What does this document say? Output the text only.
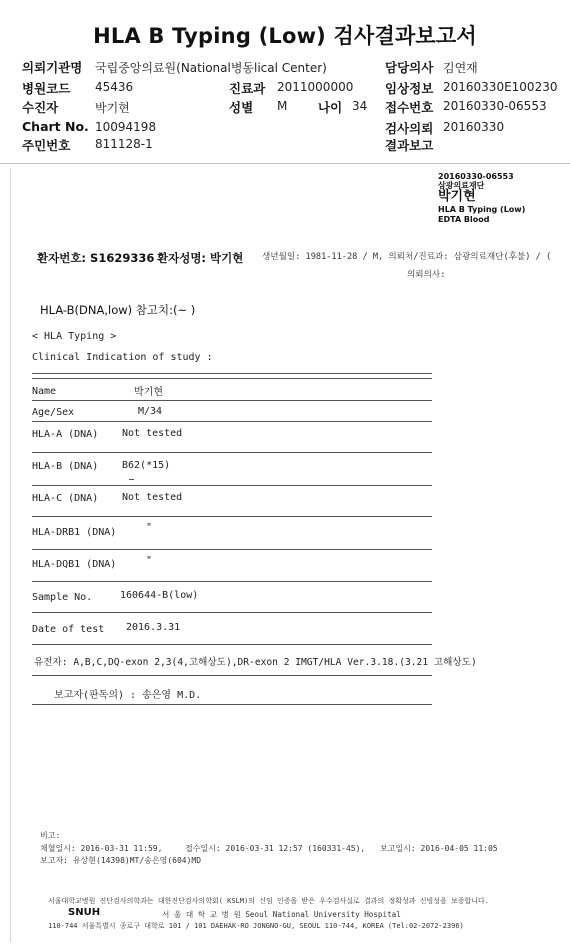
HLA B Typing (Low) 검사결과보고서
의뢰기관명 국립중앙의료원(National병동lical Center)
병원코드 45436
수진자	박기현
Chart No. 10094198
주민번호 811128-1
진료과 2011000000
성별 M 나이 34
담당의사 김연재
임상정보 20160330E100230
접수번호 20160330-06553
검사의뢰 20160330
결과보고
20160330-06553
삼광의료재단
박기현
HLA B Typing (Low)
EDTA Blood
환자번호: S1629336 환자성명: 박기현 생년월일: 1981-11-28 / M, 의뢰처/진료과: 삼광의료재단(후불) / (
의뢰의사:
HLA-B(DNA,low) 참고치:(~ )
< HLA Typing >
Clinical Indication of study :
Name	박기현
Age/Sex	M/34
HLA-A (DNA) Not tested
HLA-B (DNA) B62(*15)
HLA-C (DNA) Not tested
HLA-DRB1 (DNA)	"
HLA-DQB1 (DNA)	"
Sample No.	160644-B(low)
Date of test 2016.3.31
유전자: A,B,C,DQ-exon 2,3(4,고해상도),DR-exon 2 IMGT/HLA Ver.3.18.(3.21 고해상도)
보고자(판독의) : 송은영 M.D.
비고:
채혈일시: 2016-03-31 11:59,	접수일시: 2016-03-31 12:57 (160331-45), 보고일시: 2016-04-05 11:05
보고자: 유상현(14398)MT/송은영(604)MD
서울대학교병원 진단검사의학과는 대한진단검사의학회( KSLM)의 신임 인증을 받은 우수검사실로 결과의 정확성과 신빙성을 보증합니다.
SNUH	서 울 대 학 교 병 원 Seoul National University Hospital
110-744 서울특별시 종로구 대학로 101 / 101 DAEHAK-RO JONGNO-GU, SEOUL 110-744, KOREA (Tel:02-2072-2396)
